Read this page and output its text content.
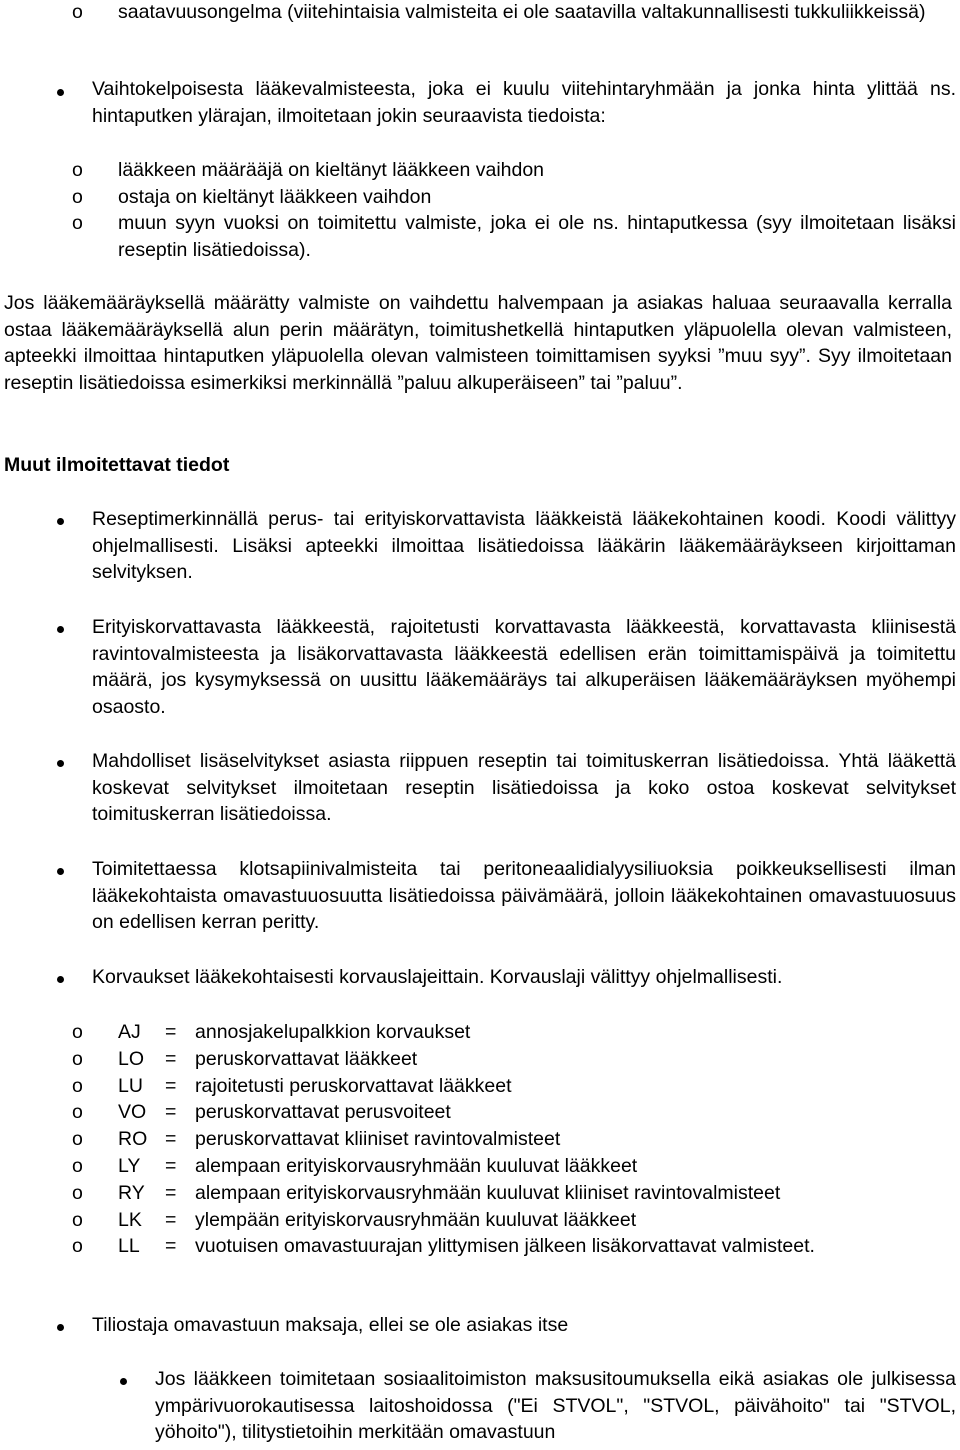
o saatavuusongelma (viitehintaisia valmisteita ei ole saatavilla valtakunnallisesti tukkuliikkeissä)
Vaihtokelpoisesta lääkevalmisteesta, joka ei kuulu viitehintaryhmään ja jonka hinta ylittää ns. hintaputken ylärajan, ilmoitetaan jokin seuraavista tiedoista:
o lääkkeen määrääjä on kieltänyt lääkkeen vaihdon
o ostaja on kieltänyt lääkkeen vaihdon
o muun syyn vuoksi on toimitettu valmiste, joka ei ole ns. hintaputkessa (syy ilmoitetaan lisäksi reseptin lisätiedoissa).
Jos lääkemääräyksellä määrätty valmiste on vaihdettu halvempaan ja asiakas haluaa seuraavalla kerralla ostaa lääkemääräyksellä alun perin määrätyn, toimitushetkellä hintaputken yläpuolella olevan valmisteen, apteekki ilmoittaa hintaputken yläpuolella olevan valmisteen toimittamisen syyksi ”muu syy”. Syy ilmoitetaan reseptin lisätiedoissa esimerkiksi merkinnällä ”paluu alkuperäiseen” tai ”paluu”.
Muut ilmoitettavat tiedot
Reseptimerkinnällä perus- tai erityiskorvattavista lääkkeistä lääkekohtainen koodi. Koodi välittyy ohjelmallisesti. Lisäksi apteekki ilmoittaa lisätiedoissa lääkärin lääkemääräykseen kirjoittaman selvityksen.
Erityiskorvattavasta lääkkeestä, rajoitetusti korvattavasta lääkkeestä, korvattavasta kliinisestä ravintovalmisteesta ja lisäkorvattavasta lääkkeestä edellisen erän toimittamispäivä ja toimitettu määrä, jos kysymyksessä on uusittu lääkemääräys tai alkuperäisen lääkemääräyksen myöhempi osaosto.
Mahdolliset lisäselvitykset asiasta riippuen reseptin tai toimituskerran lisätiedoissa. Yhtä lääkettä koskevat selvitykset ilmoitetaan reseptin lisätiedoissa ja koko ostoa koskevat selvitykset toimituskerran lisätiedoissa.
Toimitettaessa klotsapiinivalmisteita tai peritoneaalidialyysiliuoksia poikkeuksellisesti ilman lääkekohtaista omavastuuosuutta lisätiedoissa päivämäärä, jolloin lääkekohtainen omavastuuosuus on edellisen kerran peritty.
Korvaukset lääkekohtaisesti korvauslajeittain. Korvauslaji välittyy ohjelmallisesti.
o AJ = annosjakelupalkkion korvaukset
o LO = peruskorvattavat lääkkeet
o LU = rajoitetusti peruskorvattavat lääkkeet
o VO = peruskorvattavat perusvoiteet
o RO = peruskorvattavat kliiniset ravintovalmisteet
o LY = alempaan erityiskorvausryhmään kuuluvat lääkkeet
o RY = alempaan erityiskorvausryhmään kuuluvat kliiniset ravintovalmisteet
o LK = ylempään erityiskorvausryhmään kuuluvat lääkkeet
o LL = vuotuisen omavastuurajan ylittymisen jälkeen lisäkorvattavat valmisteet.
Tiliostaja omavastuun maksaja, ellei se ole asiakas itse
Jos lääkkeen toimitetaan sosiaalitoimiston maksusitoumuksella eikä asiakas ole julkisessa ympärivuorokautisessa laitoshoidossa ("Ei STVOL", "STVOL, päivähoito" tai "STVOL, yöhoito"), tilitystietoihin merkitään omavastuun
